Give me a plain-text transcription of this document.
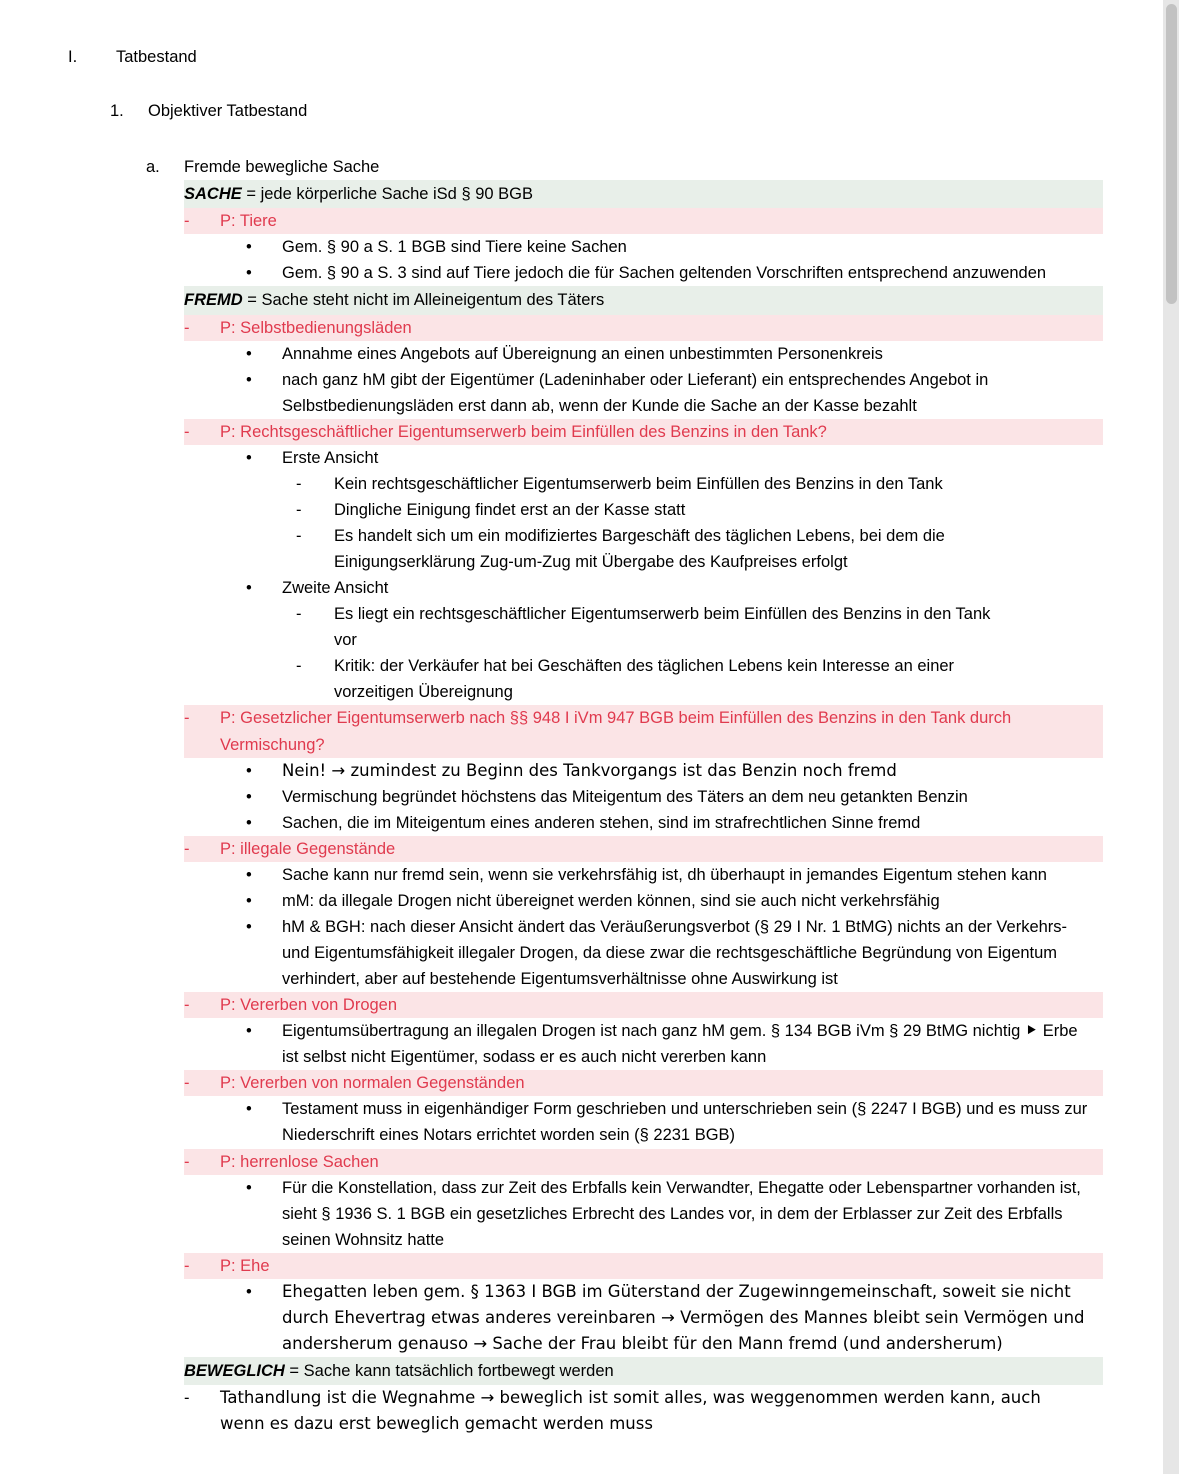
I.	Tatbestand
1.	Objektiver Tatbestand
a.	Fremde bewegliche Sache
SACHE = jede körperliche Sache iSd § 90 BGB
-	P: Tiere
•	Gem. § 90 a S. 1 BGB sind Tiere keine Sachen
•	Gem. § 90 a S. 3 sind auf Tiere jedoch die für Sachen geltenden Vorschriften entsprechend anzuwenden
FREMD = Sache steht nicht im Alleineigentum des Täters
-	P: Selbstbedienungsläden
•	Annahme eines Angebots auf Übereignung an einen unbestimmten Personenkreis
•	nach ganz hM gibt der Eigentümer (Ladeninhaber oder Lieferant) ein entsprechendes Angebot in Selbstbedienungsläden erst dann ab, wenn der Kunde die Sache an der Kasse bezahlt
-	P: Rechtsgeschäftlicher Eigentumserwerb beim Einfüllen des Benzins in den Tank?
•	Erste Ansicht
-	Kein rechtsgeschäftlicher Eigentumserwerb beim Einfüllen des Benzins in den Tank
-	Dingliche Einigung findet erst an der Kasse statt
-	Es handelt sich um ein modifiziertes Bargeschäft des täglichen Lebens, bei dem die Einigungserklärung Zug-um-Zug mit Übergabe des Kaufpreises erfolgt
•	Zweite Ansicht
-	Es liegt ein rechtsgeschäftlicher Eigentumserwerb beim Einfüllen des Benzins in den Tank vor
-	Kritik: der Verkäufer hat bei Geschäften des täglichen Lebens kein Interesse an einer vorzeitigen Übereignung
-	P: Gesetzlicher Eigentumserwerb nach §§ 948 I iVm 947 BGB beim Einfüllen des Benzins in den Tank durch Vermischung?
•	Nein! → zumindest zu Beginn des Tankvorgangs ist das Benzin noch fremd
•	Vermischung begründet höchstens das Miteigentum des Täters an dem neu getankten Benzin
•	Sachen, die im Miteigentum eines anderen stehen, sind im strafrechtlichen Sinne fremd
-	P: illegale Gegenstände
•	Sache kann nur fremd sein, wenn sie verkehrsfähig ist, dh überhaupt in jemandes Eigentum stehen kann
•	mM: da illegale Drogen nicht übereignet werden können, sind sie auch nicht verkehrsfähig
•	hM & BGH: nach dieser Ansicht ändert das Veräußerungsverbot (§ 29 I Nr. 1 BtMG) nichts an der Verkehrs- und Eigentumsfähigkeit illegaler Drogen, da diese zwar die rechtsgeschäftliche Begründung von Eigentum verhindert, aber auf bestehende Eigentumsverhältnisse ohne Auswirkung ist
-	P: Vererben von Drogen
•	Eigentumsübertragung an illegalen Drogen ist nach ganz hM gem. § 134 BGB iVm § 29 BtMG nichtig ⯈ Erbe ist selbst nicht Eigentümer, sodass er es auch nicht vererben kann
-	P: Vererben von normalen Gegenständen
•	Testament muss in eigenhändiger Form geschrieben und unterschrieben sein (§ 2247 I BGB) und es muss zur Niederschrift eines Notars errichtet worden sein (§ 2231 BGB)
-	P: herrenlose Sachen
•	Für die Konstellation, dass zur Zeit des Erbfalls kein Verwandter, Ehegatte oder Lebenspartner vorhanden ist, sieht § 1936 S. 1 BGB ein gesetzliches Erbrecht des Landes vor, in dem der Erblasser zur Zeit des Erbfalls seinen Wohnsitz hatte
-	P: Ehe
•	Ehegatten leben gem. § 1363 I BGB im Güterstand der Zugewinngemeinschaft, soweit sie nicht durch Ehevertrag etwas anderes vereinbaren → Vermögen des Mannes bleibt sein Vermögen und andersherum genauso → Sache der Frau bleibt für den Mann fremd (und andersherum)
BEWEGLICH = Sache kann tatsächlich fortbewegt werden
-	Tathandlung ist die Wegnahme → beweglich ist somit alles, was weggenommen werden kann, auch wenn es dazu erst beweglich gemacht werden muss
